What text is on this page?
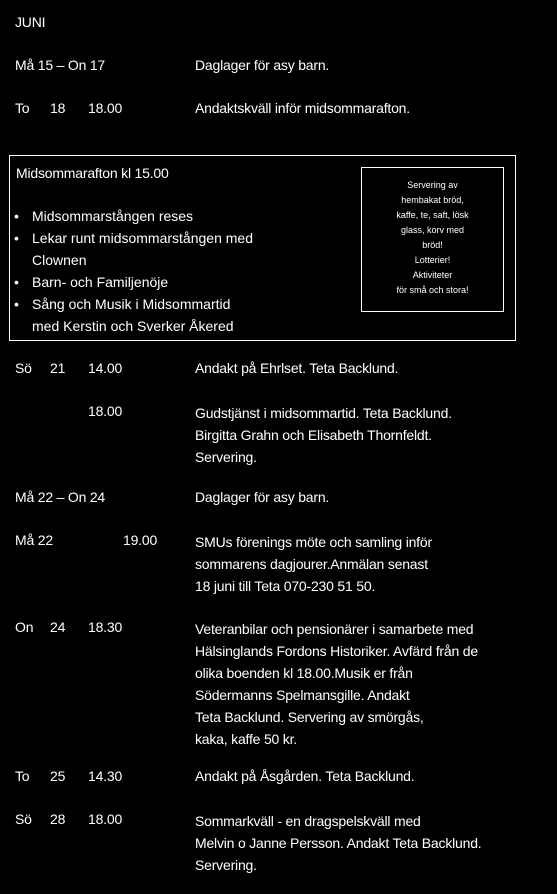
JUNI
Må 15 – On 17	Daglager för asy barn.
To 18 18.00	Andaktskväll inför midsommarafton.
Midsommarafton kl 15.00
• Midsommarstången reses
• Lekar runt midsommarstången med
Clownen
• Barn- och Familjenöje
• Sång och Musik i Midsommartid
med Kerstin och Sverker Åkered
Servering av
hembakat bröd,
kaffe, te, saft, lösk
glass, korv med
bröd!
Lotterier!
Aktiviteter
för små och stora!
Sö 21 14.00	Andakt på Ehrlset. Teta Backlund.
18.00	Gudstjänst i midsommartid. Teta Backlund.
Birgitta Grahn och Elisabeth Thornfeldt.
Servering.
Må 22 – On 24	Daglager för asy barn.
Må 22	19.00	SMUs förenings möte och samling inför
sommarens dagjourer.Anmälan senast
18 juni till Teta 070-230 51 50.
On 24 18.30	Veteranbilar och pensionärer i samarbete med
Hälsinglands Fordons Historiker. Avfärd från de
olika boenden kl 18.00.Musik er från
Södermanns Spelmansgille. Andakt
Teta Backlund. Servering av smörgås,
kaka, kaffe 50 kr.
To 25 14.30	Andakt på Åsgården. Teta Backlund.
Sö 28 18.00	Sommarkväll - en dragspelskväll med
Melvin o Janne Persson. Andakt Teta Backlund.
Servering.
